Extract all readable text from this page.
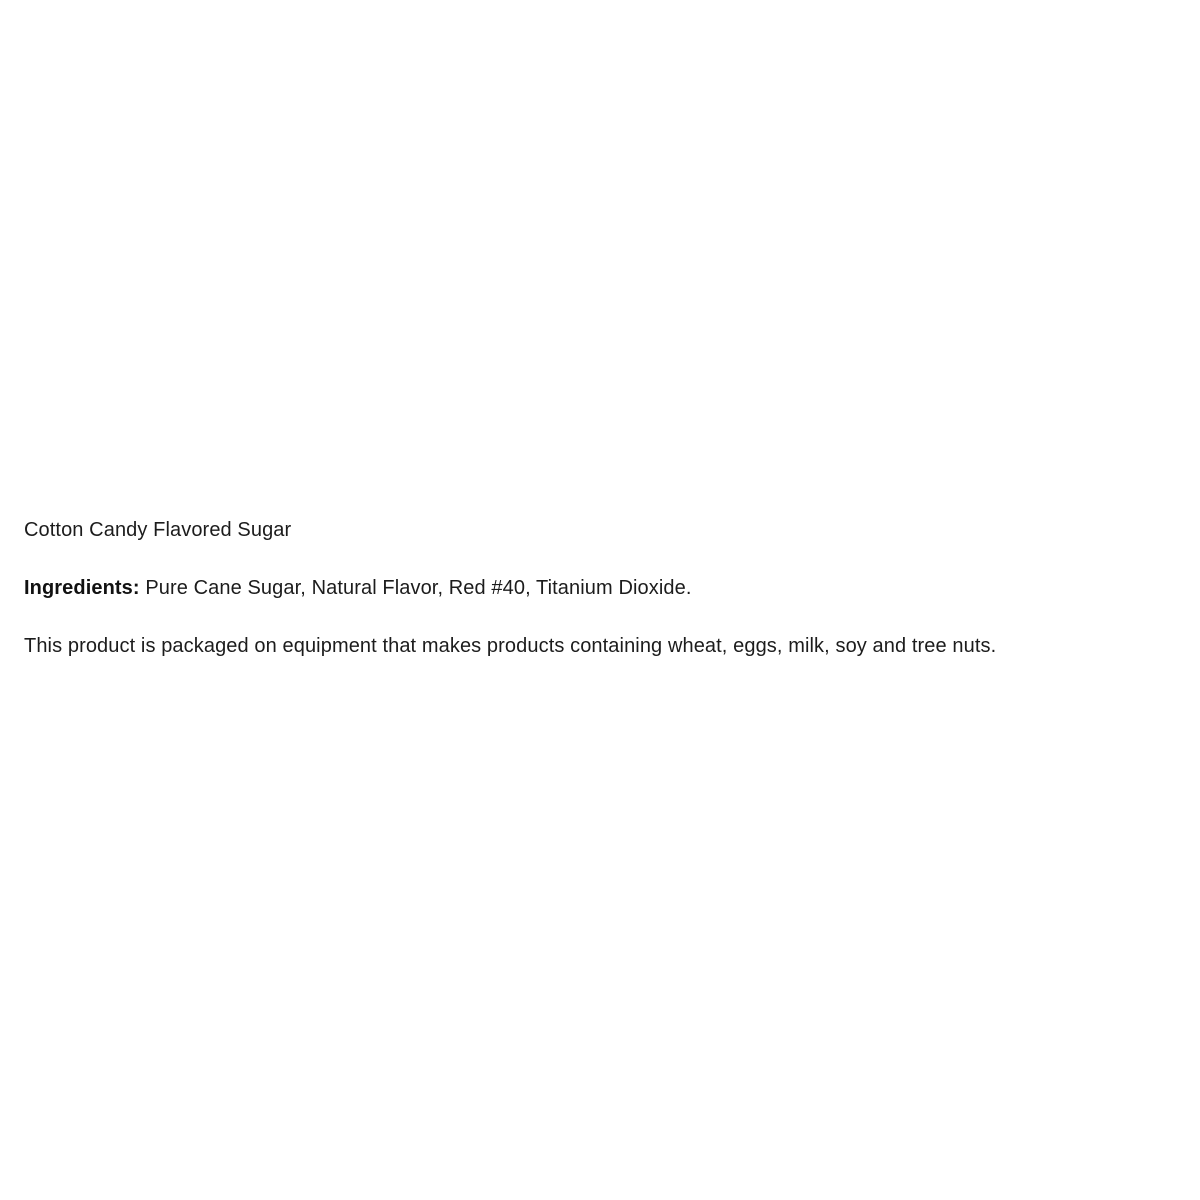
Cotton Candy Flavored Sugar

Ingredients: Pure Cane Sugar, Natural Flavor, Red #40, Titanium Dioxide.

This product is packaged on equipment that makes products containing wheat, eggs, milk, soy and tree nuts.
